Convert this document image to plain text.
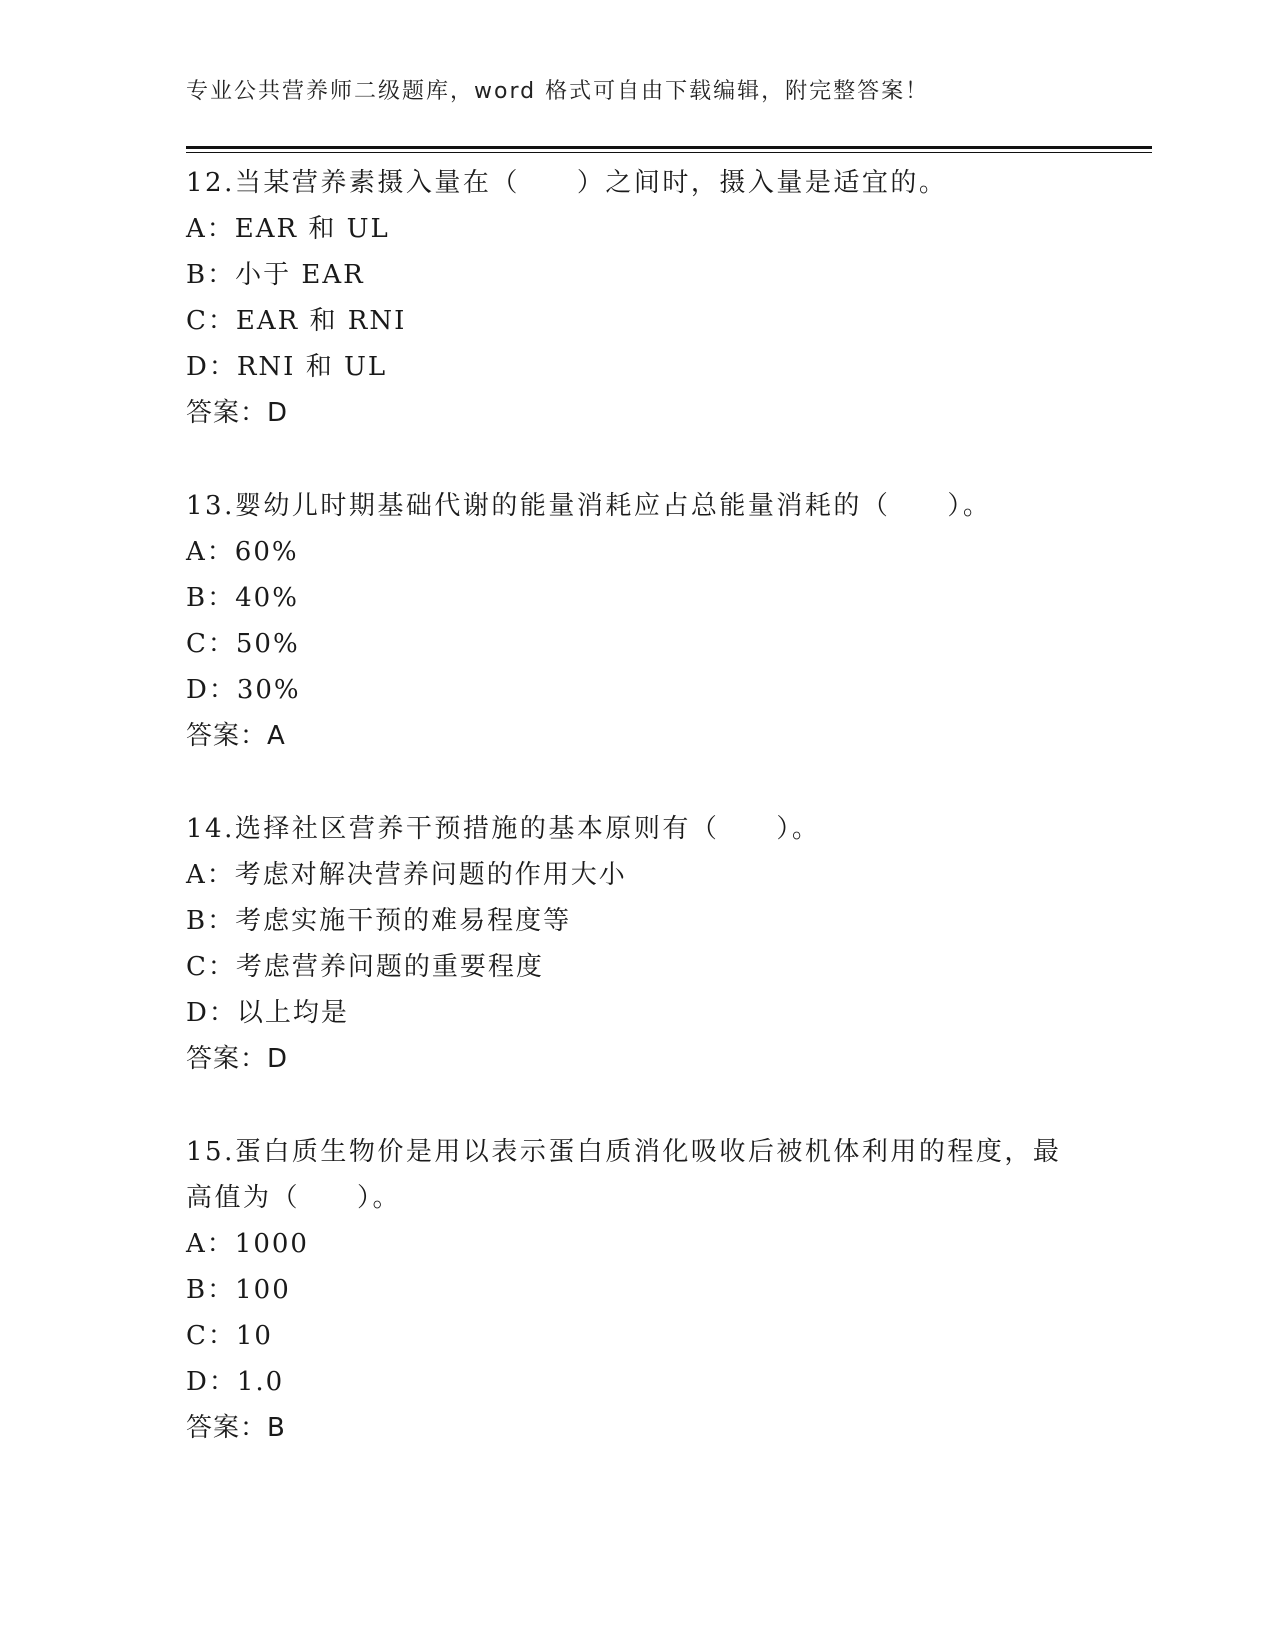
专业公共营养师二级题库，word 格式可自由下载编辑，附完整答案！

12.当某营养素摄入量在（　　）之间时，摄入量是适宜的。

A：EAR 和 UL

B：小于 EAR

C：EAR 和 RNI

D：RNI 和 UL

答案：D

13.婴幼儿时期基础代谢的能量消耗应占总能量消耗的（　　）。

A：60%

B：40%

C：50%

D：30%

答案：A

14.选择社区营养干预措施的基本原则有（　　）。

A：考虑对解决营养问题的作用大小

B：考虑实施干预的难易程度等

C：考虑营养问题的重要程度

D：以上均是

答案：D

15.蛋白质生物价是用以表示蛋白质消化吸收后被机体利用的程度，最高值为（　　）。

A：1000

B：100

C：10

D：1.0

答案：B
